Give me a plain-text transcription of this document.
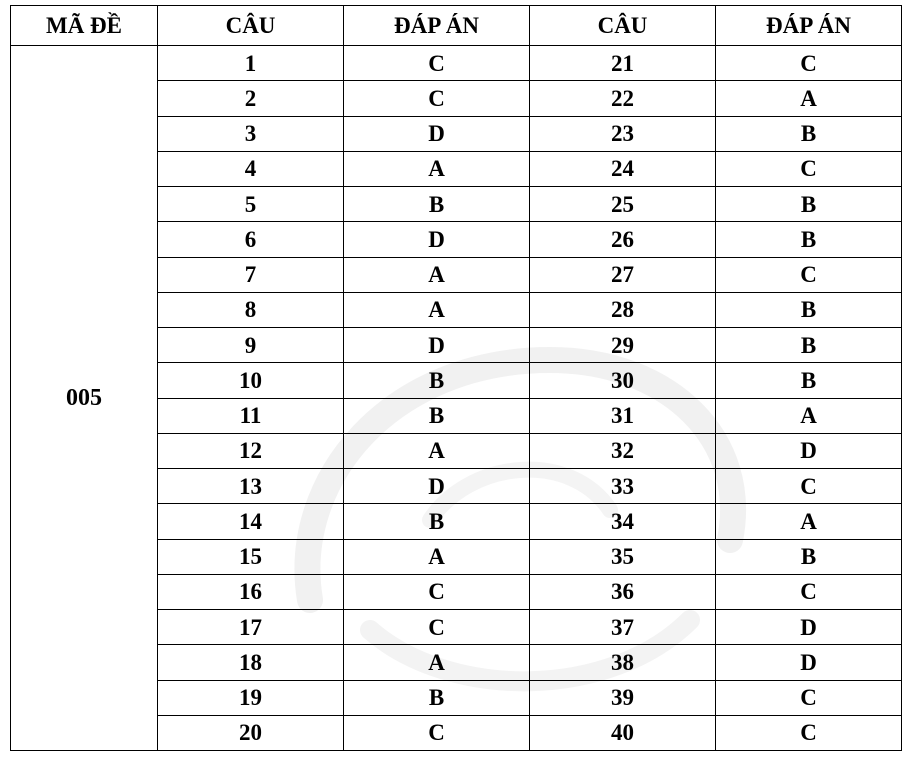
MÃ ĐỀ	CÂU	ĐÁP ÁN	CÂU	ĐÁP ÁN
005	1	C	21	C
	2	C	22	A
	3	D	23	B
	4	A	24	C
	5	B	25	B
	6	D	26	B
	7	A	27	C
	8	A	28	B
	9	D	29	B
	10	B	30	B
	11	B	31	A
	12	A	32	D
	13	D	33	C
	14	B	34	A
	15	A	35	B
	16	C	36	C
	17	C	37	D
	18	A	38	D
	19	B	39	C
	20	C	40	C
